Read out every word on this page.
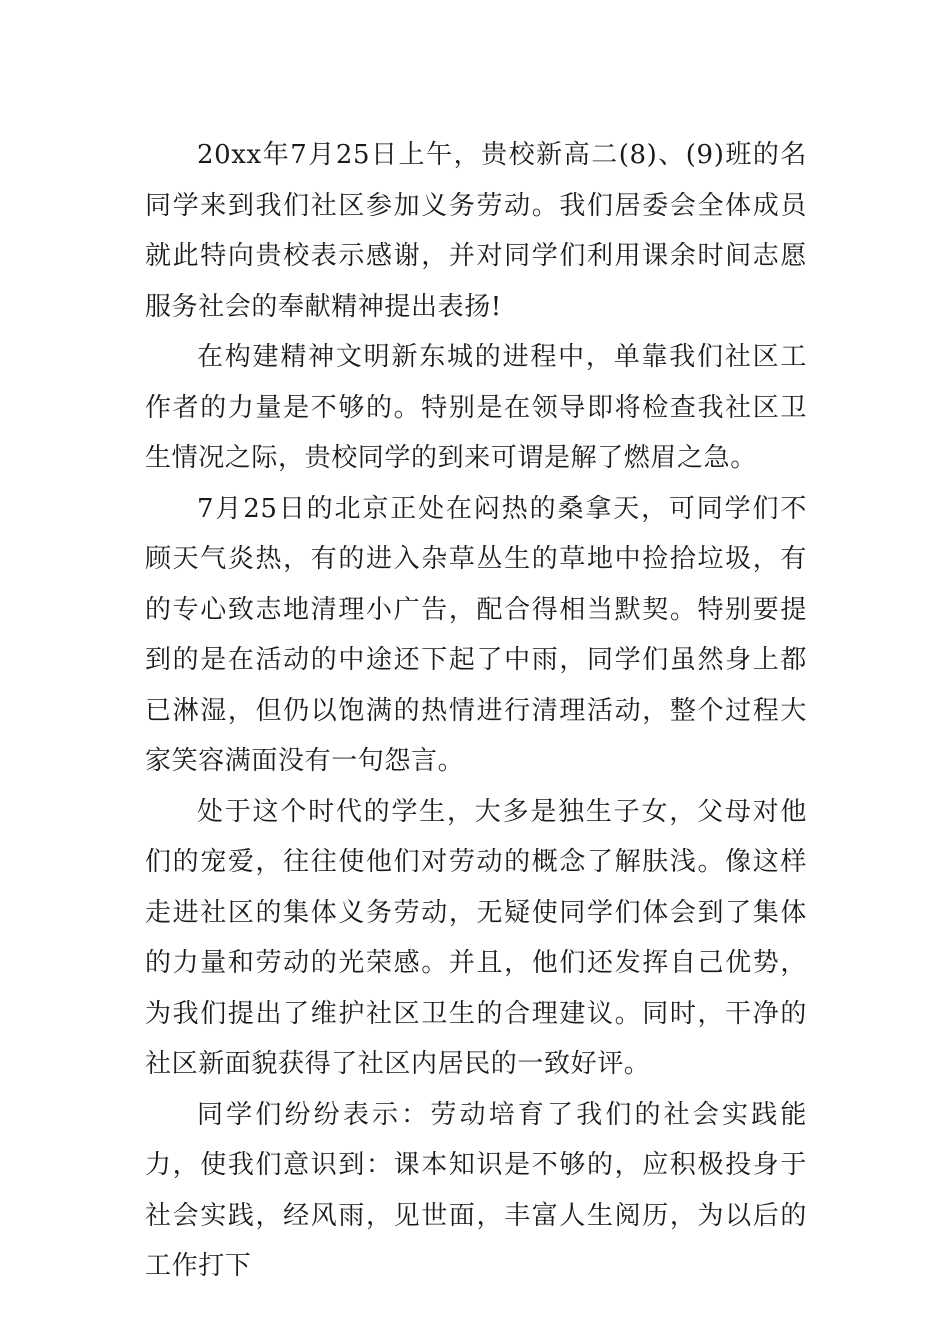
20xx年7月25日上午，贵校新高二(8)、(9)班的名同学来到我们社区参加义务劳动。我们居委会全体成员就此特向贵校表示感谢，并对同学们利用课余时间志愿服务社会的奉献精神提出表扬!

在构建精神文明新东城的进程中，单靠我们社区工作者的力量是不够的。特别是在领导即将检查我社区卫生情况之际，贵校同学的到来可谓是解了燃眉之急。

7月25日的北京正处在闷热的桑拿天，可同学们不顾天气炎热，有的进入杂草丛生的草地中捡拾垃圾，有的专心致志地清理小广告，配合得相当默契。特别要提到的是在活动的中途还下起了中雨，同学们虽然身上都已淋湿，但仍以饱满的热情进行清理活动，整个过程大家笑容满面没有一句怨言。

处于这个时代的学生，大多是独生子女，父母对他们的宠爱，往往使他们对劳动的概念了解肤浅。像这样走进社区的集体义务劳动，无疑使同学们体会到了集体的力量和劳动的光荣感。并且，他们还发挥自己优势，为我们提出了维护社区卫生的合理建议。同时，干净的社区新面貌获得了社区内居民的一致好评。

同学们纷纷表示：劳动培育了我们的社会实践能力，使我们意识到：课本知识是不够的，应积极投身于社会实践，经风雨，见世面，丰富人生阅历，为以后的工作打下
